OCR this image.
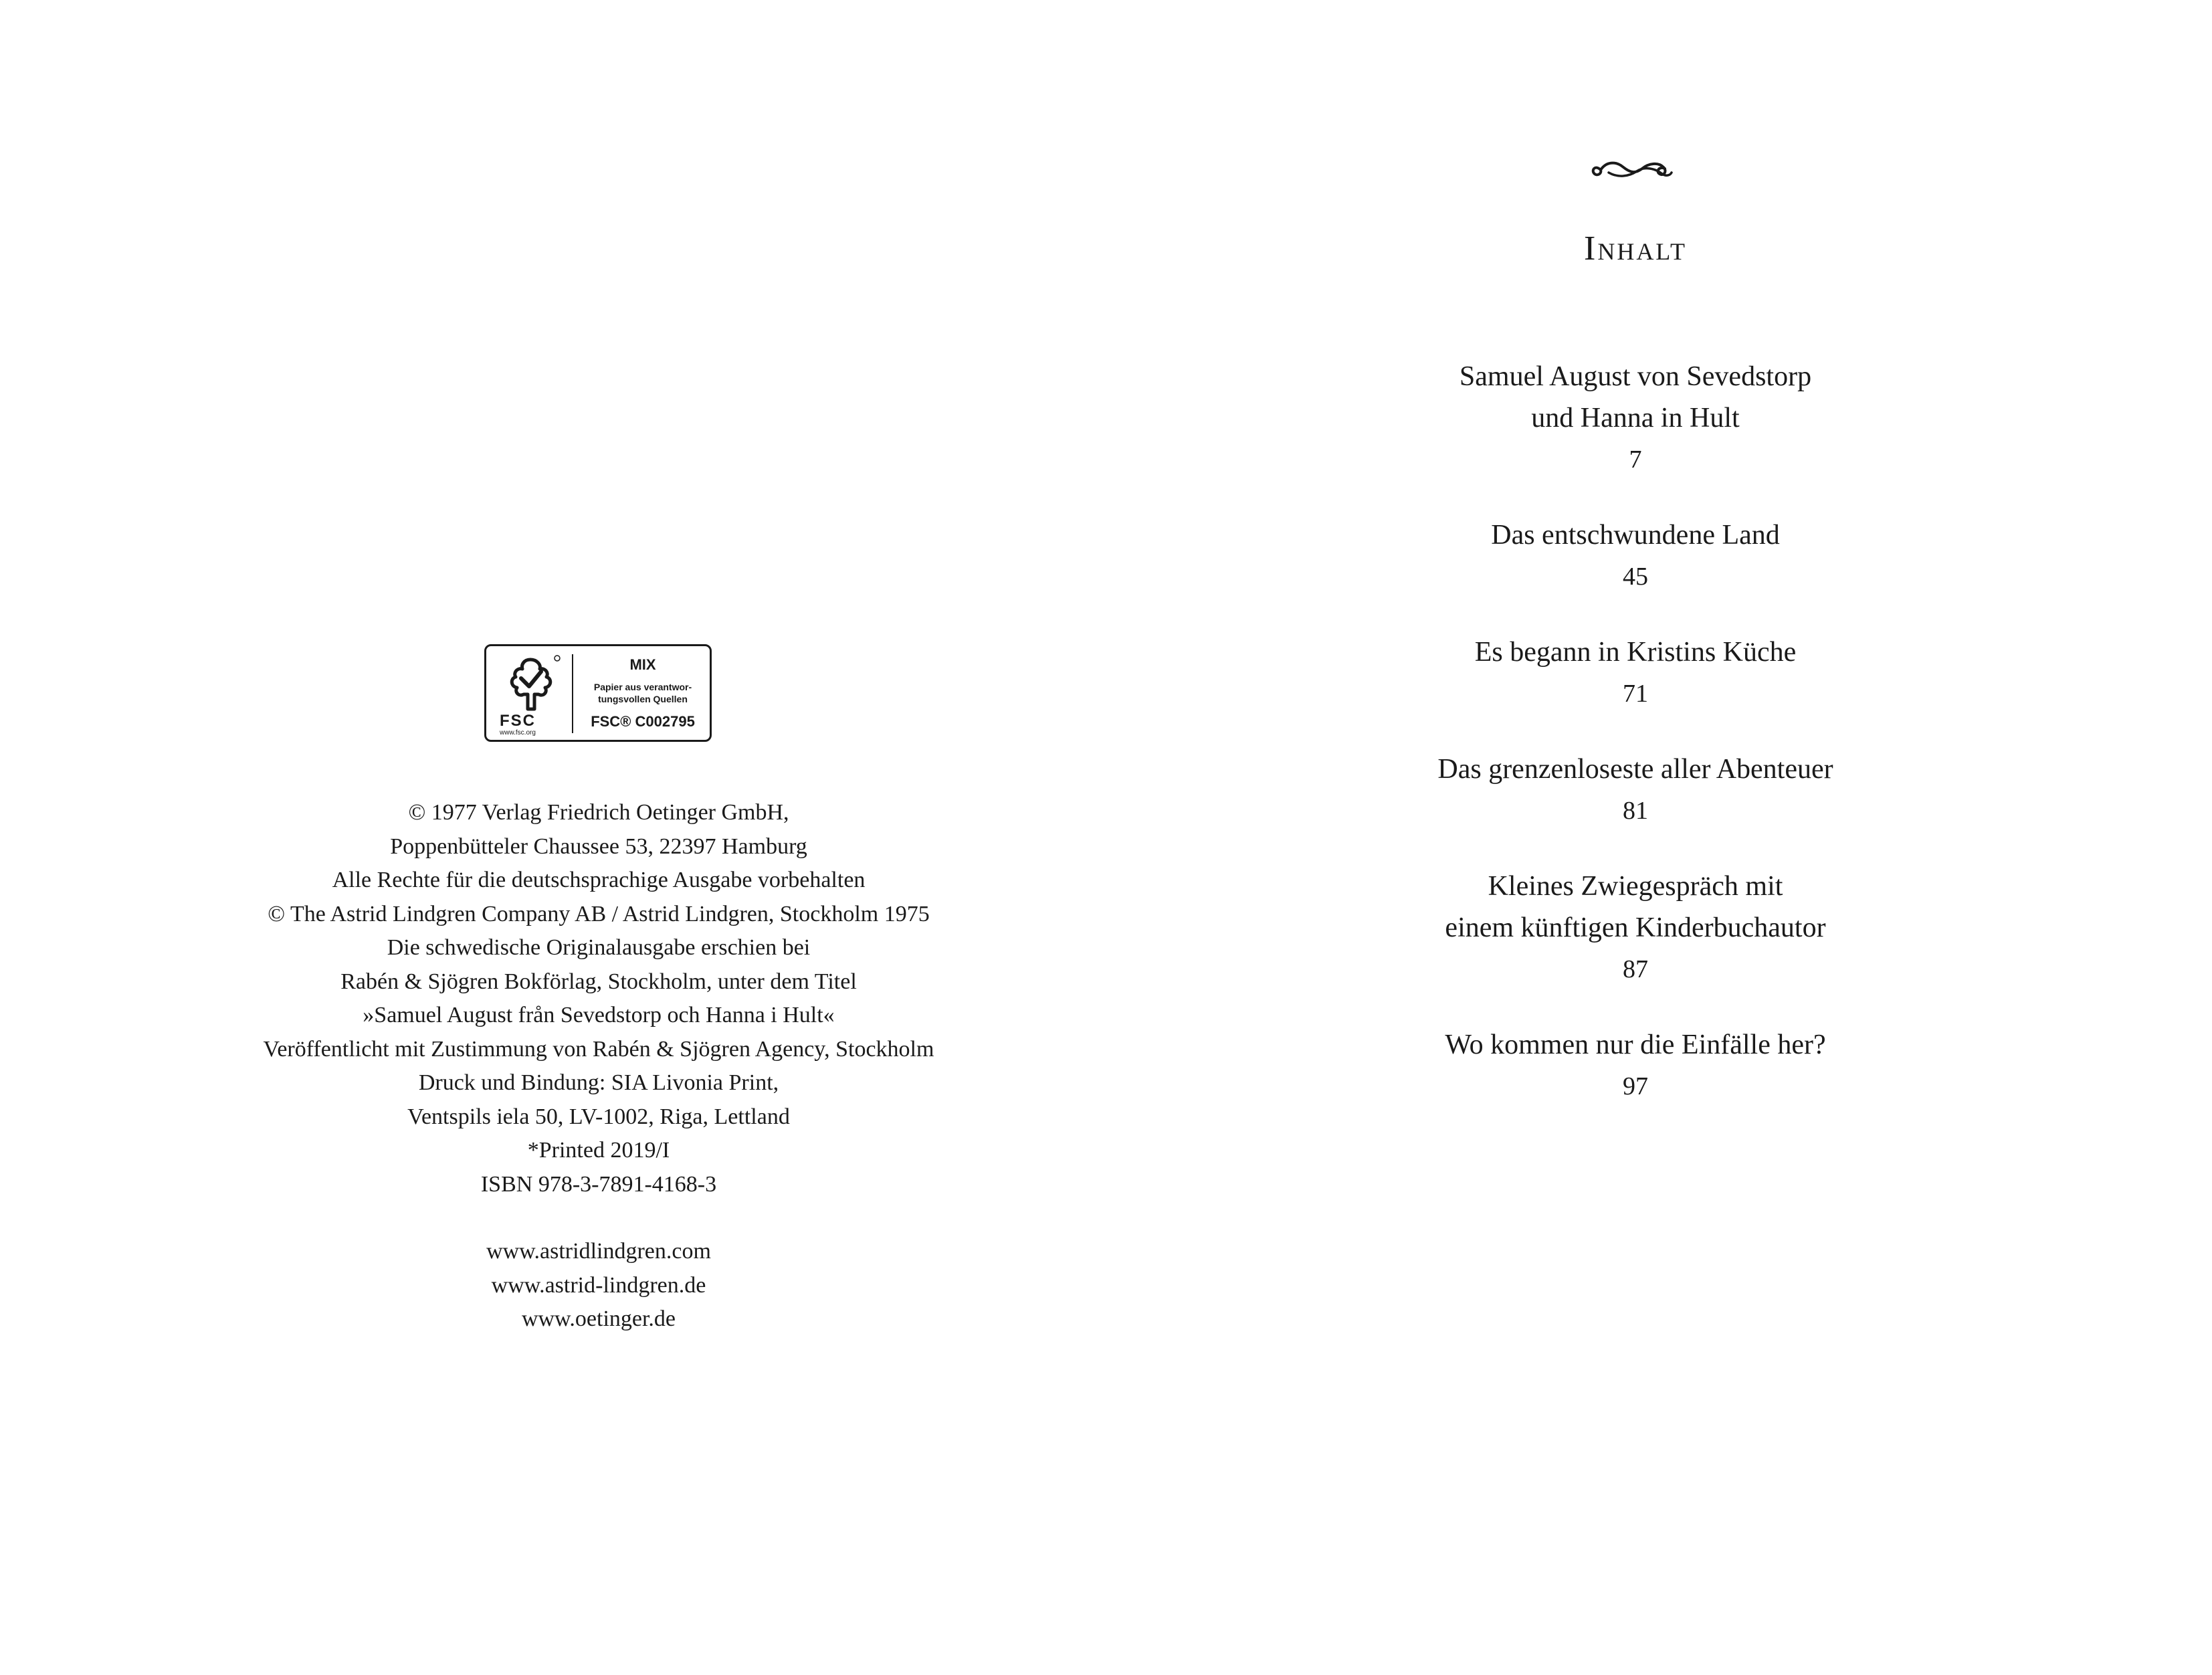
FSC
www.fsc.org
MIX
Papier aus verantwor-
tungsvollen Quellen
FSC® C002795
© 1977 Verlag Friedrich Oetinger GmbH,
Poppenbütteler Chaussee 53, 22397 Hamburg
Alle Rechte für die deutschsprachige Ausgabe vorbehalten
© The Astrid Lindgren Company AB / Astrid Lindgren, Stockholm 1975
Die schwedische Originalausgabe erschien bei
Rabén & Sjögren Bokförlag, Stockholm, unter dem Titel
»Samuel August från Sevedstorp och Hanna i Hult«
Veröffentlicht mit Zustimmung von Rabén & Sjögren Agency, Stockholm
Druck und Bindung: SIA Livonia Print,
Ventspils iela 50, LV-1002, Riga, Lettland
*Printed 2019/I
ISBN 978-3-7891-4168-3
www.astridlindgren.com
www.astrid-lindgren.de
www.oetinger.de
Inhalt
Samuel August von Sevedstorp
und Hanna in Hult
7
Das entschwundene Land
45
Es begann in Kristins Küche
71
Das grenzenloseste aller Abenteuer
81
Kleines Zwiegespräch mit
einem künftigen Kinderbuchautor
87
Wo kommen nur die Einfälle her?
97
